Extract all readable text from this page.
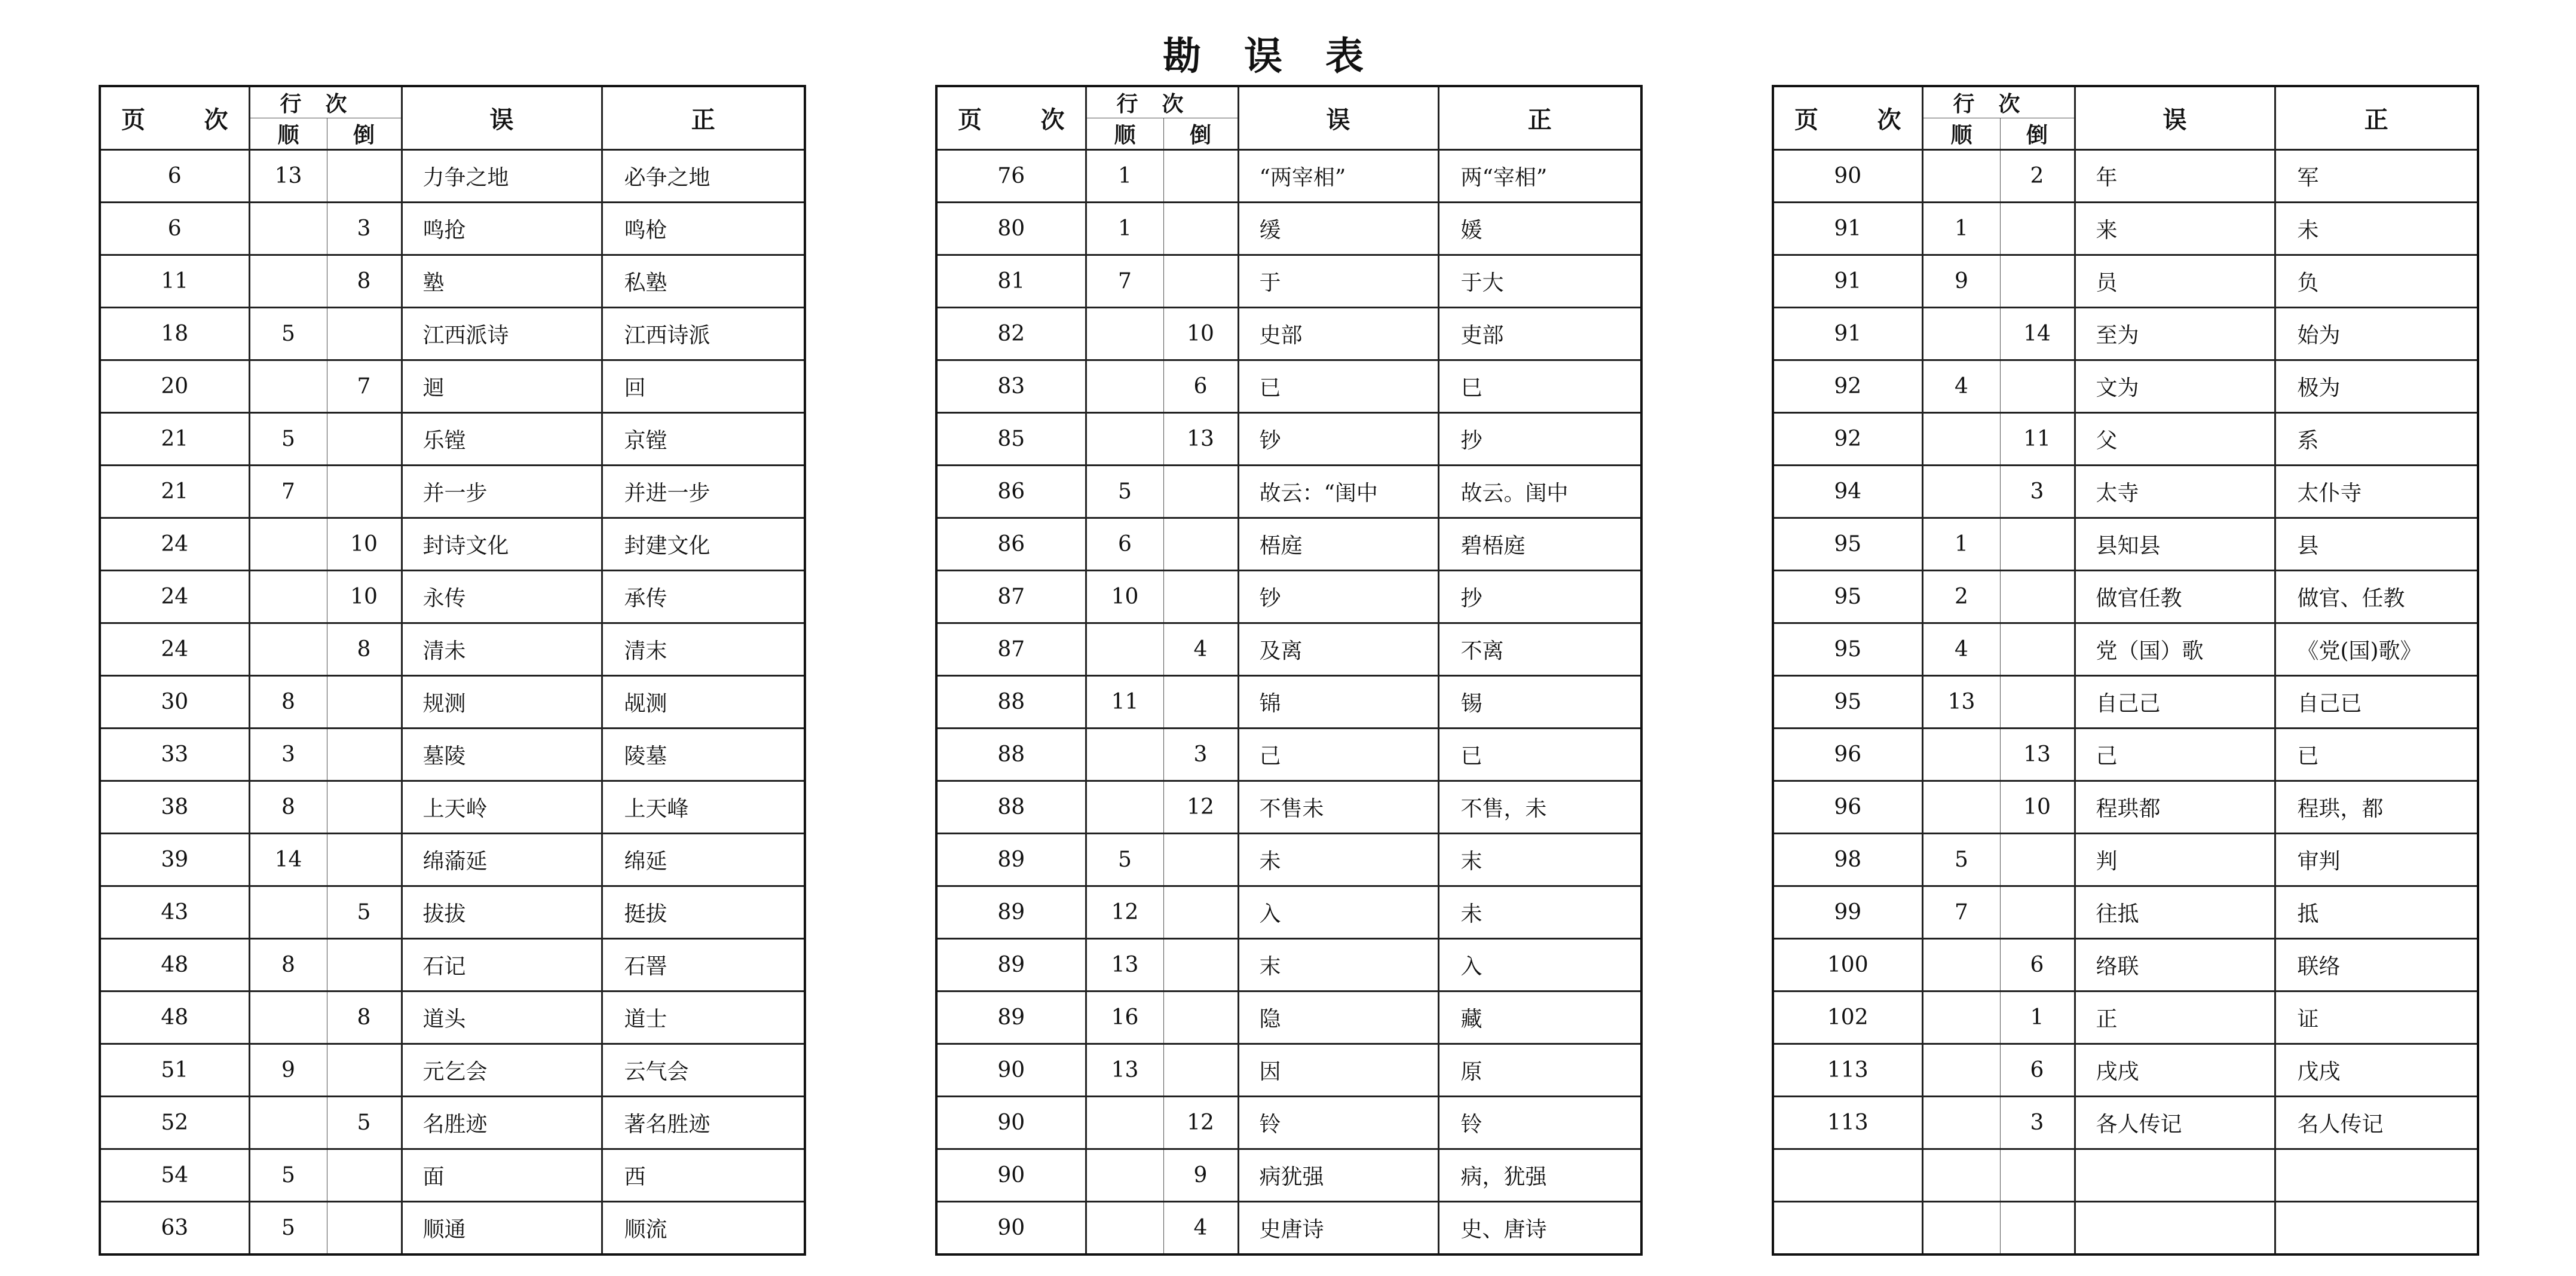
勘误表
页 次	行次		误	正
	顺	倒		
6	13		力争之地	必争之地
6		3	鸣抢	鸣枪
11		8	塾	私塾
18	5		江西派诗	江西诗派
20		7	迴	回
21	5		乐镗	京镗
21	7		并一步	并进一步
24		10	封诗文化	封建文化
24		10	永传	承传
24		8	清未	清末
30	8		规测	觇测
33	3		墓陵	陵墓
38	8		上天岭	上天峰
39	14		绵蕍延	绵延
43		5	拔拔	挺拔
48	8		石记	石罯
48		8	道头	道士
51	9		元乞会	云气会
52		5	名胜迹	著名胜迹
54	5		面	西
63	5		顺通	顺流
页 次	行次		误	正
	顺	倒		
76	1		“两宰相”	两“宰相”
80	1		缓	媛
81	7		于	于大
82		10	史部	吏部
83		6	已	巳
85		13	钞	抄
86	5		故云：“闺中	故云。闺中
86	6		梧庭	碧梧庭
87	10		钞	抄
87		4	及离	不离
88	11		锦	锡
88		3	己	已
88		12	不售未	不售，未
89	5		未	末
89	12		入	未
89	13		末	入
89	16		隐	藏
90	13		因	原
90		12	铃	铃
90		9	病犹强	病，犹强
90		4	史唐诗	史、唐诗
页 次	行次		误	正
	顺	倒		
90		2	年	军
91	1		来	未
91	9		员	负
91		14	至为	始为
92	4		文为	极为
92		11	父	系
94		3	太寺	太仆寺
95	1		县知县	县
95	2		做官任教	做官、任教
95	4		党（国）歌	《党(国)歌》
95	13		自己己	自己已
96		13	己	已
96		10	程珙都	程珙，都
98	5		判	审判
99	7		往抵	抵
100		6	络联	联络
102		1	正	证
113		6	戌戌	戊戌
113		3	各人传记	名人传记
